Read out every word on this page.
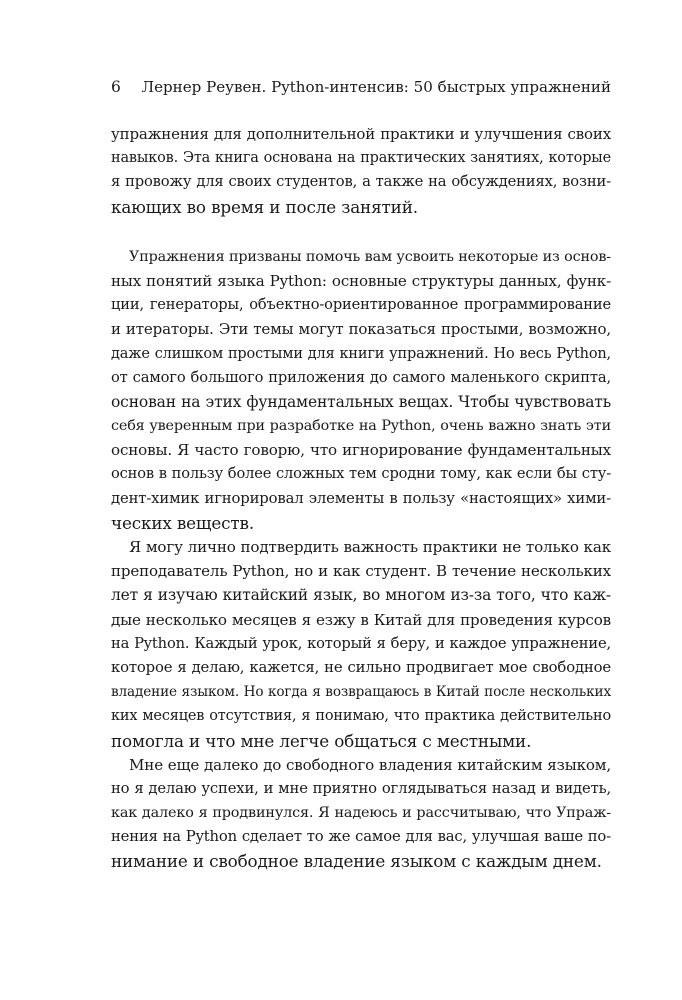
6 Лернер Реувен. Python-интенсив: 50 быстрых упражнений
упражнения для дополнительной практики и улучшения своих
навыков. Эта книга основана на практических занятиях, которые
я провожу для своих студентов, а также на обсуждениях, возни-
кающих во время и после занятий.
Упражнения призваны помочь вам усвоить некоторые из основ-
ных понятий языка Python: основные структуры данных, функ-
ции, генераторы, объектно-ориентированное программирование
и итераторы. Эти темы могут показаться простыми, возможно,
даже слишком простыми для книги упражнений. Но весь Python,
от самого большого приложения до самого маленького скрипта,
основан на этих фундаментальных вещах. Чтобы чувствовать
себя уверенным при разработке на Python, очень важно знать эти
основы. Я часто говорю, что игнорирование фундаментальных
основ в пользу более сложных тем сродни тому, как если бы сту-
дент-химик игнорировал элементы в пользу «настоящих» хими-
ческих веществ.
Я могу лично подтвердить важность практики не только как
преподаватель Python, но и как студент. В течение нескольких
лет я изучаю китайский язык, во многом из-за того, что каж-
дые несколько месяцев я езжу в Китай для проведения курсов
на Python. Каждый урок, который я беру, и каждое упражнение,
которое я делаю, кажется, не сильно продвигает мое свободное
владение языком. Но когда я возвращаюсь в Китай после нескольких
ких месяцев отсутствия, я понимаю, что практика действительно
помогла и что мне легче общаться с местными.
Мне еще далеко до свободного владения китайским языком,
но я делаю успехи, и мне приятно оглядываться назад и видеть,
как далеко я продвинулся. Я надеюсь и рассчитываю, что Упраж-
нения на Python сделает то же самое для вас, улучшая ваше по-
нимание и свободное владение языком с каждым днем.
